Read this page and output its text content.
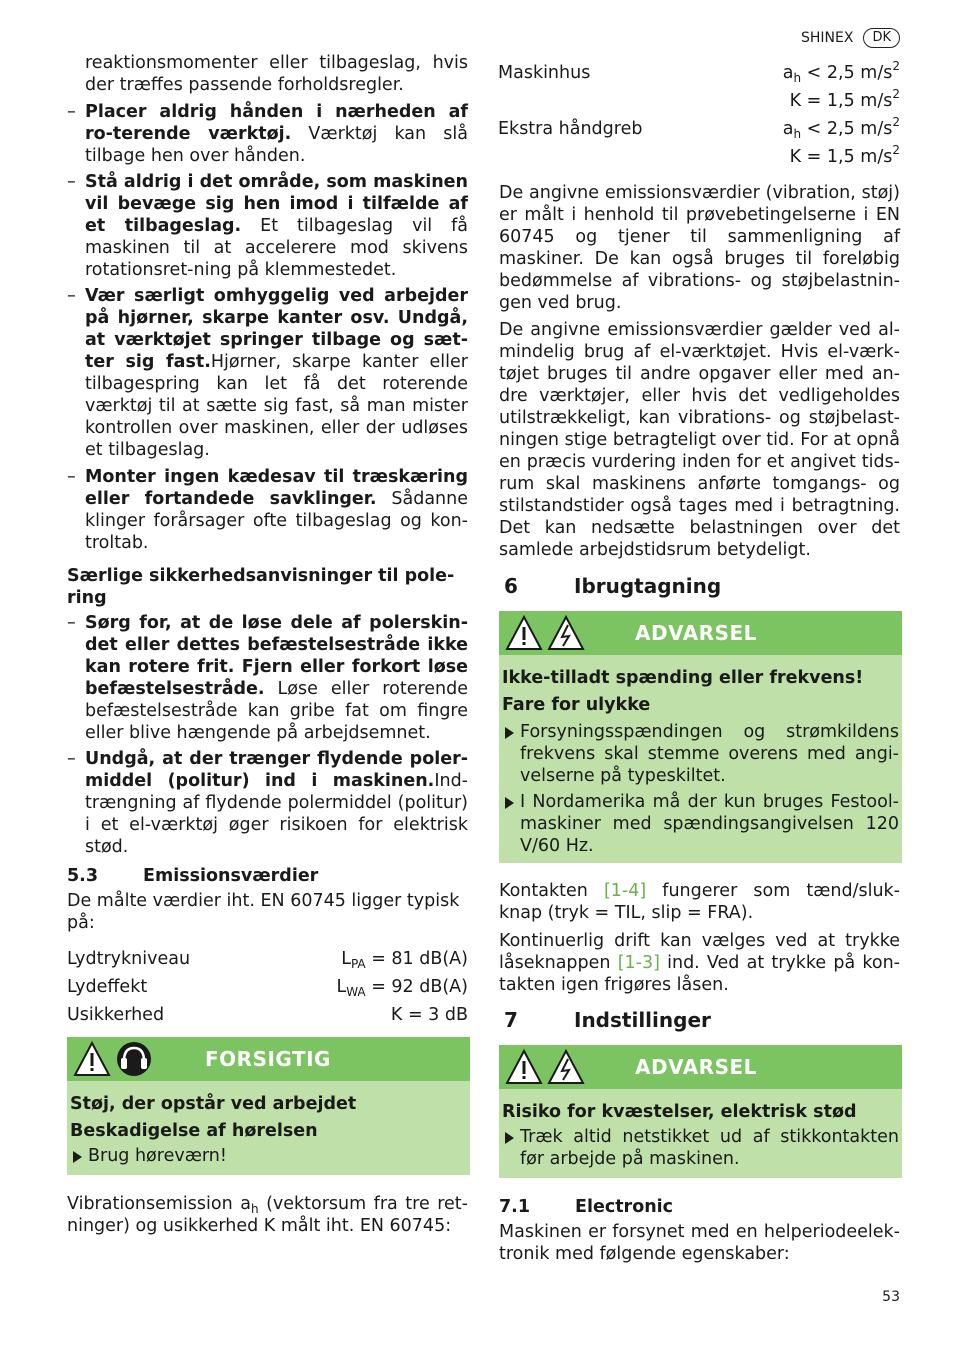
SHINEX	DK

reaktionsmomenter eller tilbageslag, hvis der træffes passende forholdsregler.

– Placer aldrig hånden i nærheden af ro-terende værktøj. Værktøj kan slå tilbage hen over hånden.

– Stå aldrig i det område, som maskinen vil bevæge sig hen imod i tilfælde af et tilbageslag. Et tilbageslag vil få maskinen til at accelerere mod skivens rotationsret-ning på klemmestedet.

– Vær særligt omhyggelig ved arbejder på hjørner, skarpe kanter osv. Undgå, at værktøjet springer tilbage og sæt-ter sig fast.Hjørner, skarpe kanter eller tilbagespring kan let få det roterende værktøj til at sætte sig fast, så man mister kontrollen over maskinen, eller der udløses et tilbageslag.

– Monter ingen kædesav til træskæring eller fortandede savklinger. Sådanne klinger forårsager ofte tilbageslag og kon-troltab.

Særlige sikkerhedsanvisninger til pole-ring

– Sørg for, at de løse dele af polerskin-det eller dettes befæstelsestråde ikke kan rotere frit. Fjern eller forkort løse befæstelsestråde. Løse eller roterende befæstelsestråde kan gribe fat om fingre eller blive hængende på arbejdsemnet.

– Undgå, at der trænger flydende poler-middel (politur) ind i maskinen.Ind-trængning af flydende polermiddel (politur) i et el-værktøj øger risikoen for elektrisk stød.

5.3	Emissionsværdier

De målte værdier iht. EN 60745 ligger typisk på:

Lydtrykniveau	$L_{PA} = 81$ dB(A)
Lydeffekt	$L_{WA} = 92$ dB(A)
Usikkerhed	K = 3 dB
FORSIGTIG

Støj, der opstår ved arbejdet

Beskadigelse af hørelsen

Brug høreværn!

Vibrationsemission $a_h$ (vektorsum fra tre ret-ninger) og usikkerhed K målt iht. EN 60745:

Maskinhus	$a_h < 2,5$ $m/s^2$
K = 1,5 $m/s^2$
Ekstra håndgreb	$a_h < 2,5$ $m/s^2$
K = 1,5 $m/s^2$

De angivne emissionsværdier (vibration, støj) er målt i henhold til prøvebetingelserne i EN 60745 og tjener til sammenligning af maskiner. De kan også bruges til foreløbig bedømmelse af vibrations- og støjbelastnin-gen ved brug.

De angivne emissionsværdier gælder ved al-mindelig brug af el-værktøjet. Hvis el-værk-tøjet bruges til andre opgaver eller med an-dre værktøjer, eller hvis det vedligeholdes utilstrækkeligt, kan vibrations- og støjbelast-ningen stige betragteligt over tid. For at opnå en præcis vurdering inden for et angivet tids-rum skal maskinens anførte tomgangs- og stilstandstider også tages med i betragtning. Det kan nedsætte belastningen over det samlede arbejdstidsrum betydeligt.

6	Ibrugtagning
ADVARSEL

Ikke-tilladt spænding eller frekvens!

Fare for ulykke

Forsyningsspændingen og strømkildens frekvens skal stemme overens med angi-velserne på typeskiltet.
I Nordamerika må der kun bruges Festool-maskiner med spændingsangivelsen 120 V/60 Hz.

Kontakten [1-4] fungerer som tænd/sluk-knap (tryk = TIL, slip = FRA).

Kontinuerlig drift kan vælges ved at trykke låseknappen [1-3] ind. Ved at trykke på kon-takten igen frigøres låsen.

7	Indstillinger
ADVARSEL

Risiko for kvæstelser, elektrisk stød

Træk altid netstikket ud af stikkontakten før arbejde på maskinen.
7.1	Electronic

Maskinen er forsynet med en helperiodeelek-tronik med følgende egenskaber:

53
